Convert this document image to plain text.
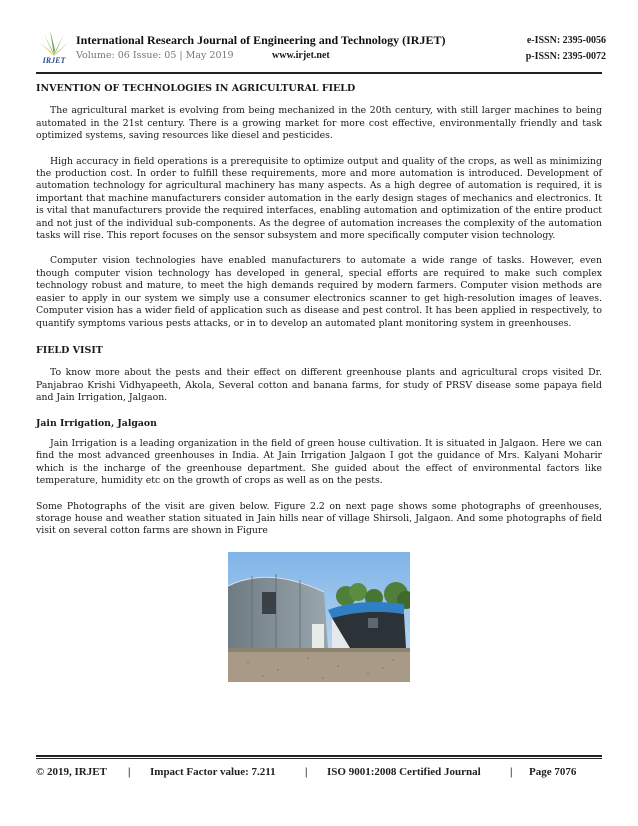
IRJET
International Research Journal of Engineering and Technology (IRJET)
Volume: 06 Issue: 05 | May 2019	www.irjet.net
e-ISSN: 2395-0056
p-ISSN: 2395-0072
INVENTION OF TECHNOLOGIES IN AGRICULTURAL FIELD

The agricultural market is evolving from being mechanized in the 20th century, with still larger machines to being automated in the 21st century. There is a growing market for more cost effective, environmentally friendly and task optimized systems, saving resources like diesel and pesticides.

High accuracy in field operations is a prerequisite to optimize output and quality of the crops, as well as minimizing the production cost. In order to fulfill these requirements, more and more automation is introduced. Development of automation technology for agricultural machinery has many aspects. As a high degree of automation is required, it is important that machine manufacturers consider automation in the early design stages of mechanics and electronics. It is vital that manufacturers provide the required interfaces, enabling automation and optimization of the entire product and not just of the individual sub-components. As the degree of automation increases the complexity of the automation tasks will rise. This report focuses on the sensor subsystem and more specifically computer vision technology.

Computer vision technologies have enabled manufacturers to automate a wide range of tasks. However, even though computer vision technology has developed in general, special efforts are required to make such complex technology robust and mature, to meet the high demands required by modern farmers. Computer vision methods are easier to apply in our system we simply use a consumer electronics scanner to get high-resolution images of leaves. Computer vision has a wider field of application such as disease and pest control. It has been applied in respectively, to quantify symptoms various pests attacks, or in to develop an automated plant monitoring system in greenhouses.

FIELD VISIT

To know more about the pests and their effect on different greenhouse plants and agricultural crops visited Dr. Panjabrao Krishi Vidhyapeeth, Akola, Several cotton and banana farms, for study of PRSV disease some papaya field and Jain Irrigation, Jalgaon.

Jain Irrigation, Jalgaon

Jain Irrigation is a leading organization in the field of green house cultivation. It is situated in Jalgaon. Here we can find the most advanced greenhouses in India. At Jain Irrigation Jalgaon I got the guidance of Mrs. Kalyani Moharir which is the incharge of the greenhouse department. She guided about the effect of environmental factors like temperature, humidity etc on the growth of crops as well as on the pests.

Some Photographs of the visit are given below. Figure 2.2 on next page shows some photographs of greenhouses, storage house and weather station situated in Jain hills near of village Shirsoli, Jalgaon. And some photographs of field visit on several cotton farms are shown in Figure

© 2019, IRJET | Impact Factor value: 7.211	| ISO 9001:2008 Certified Journal	| Page 7076
